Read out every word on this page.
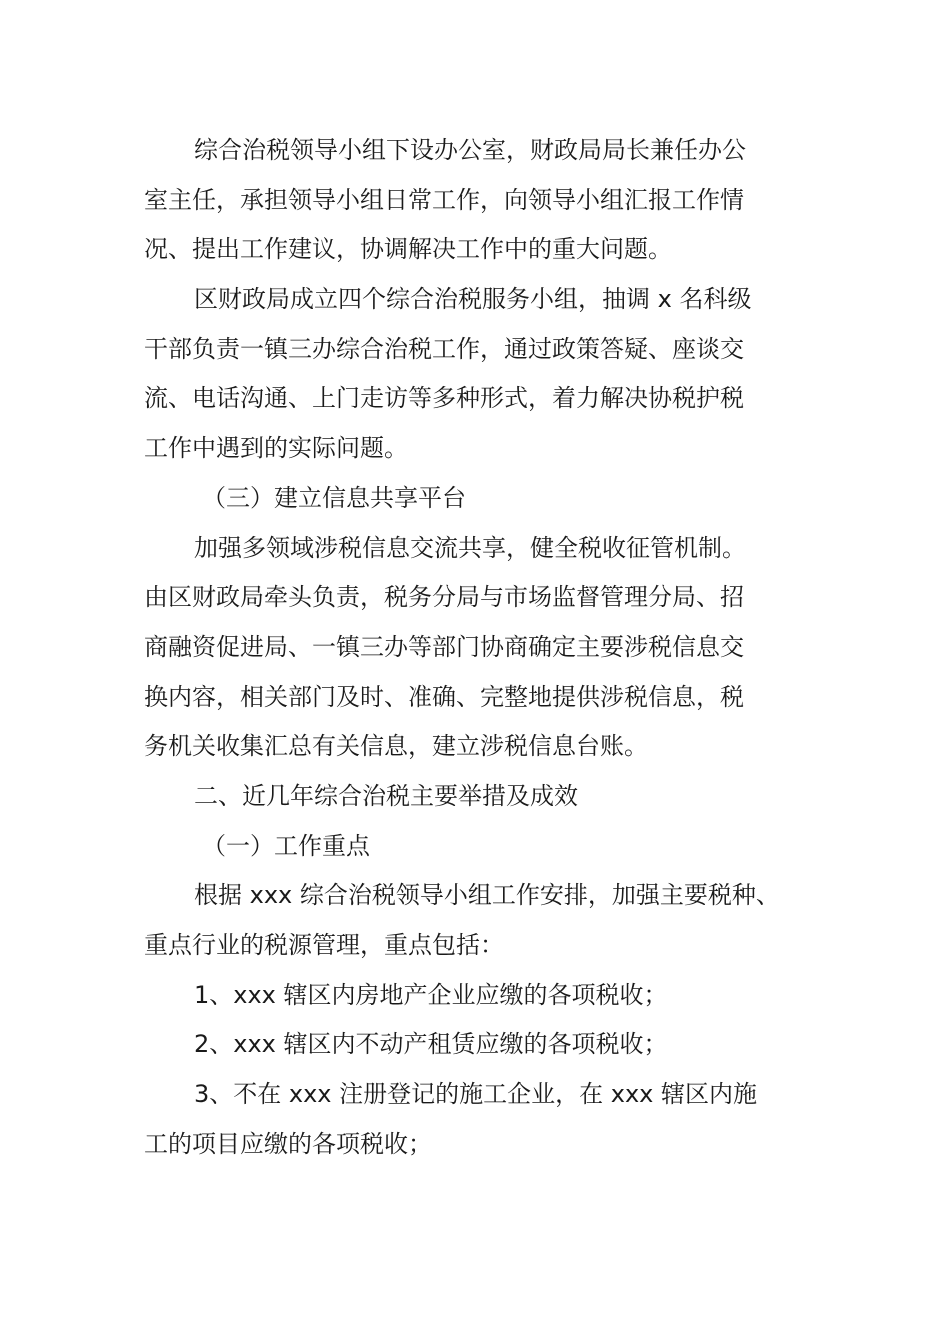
综合治税领导小组下设办公室，财政局局长兼任办公
室主任，承担领导小组日常工作，向领导小组汇报工作情
况、提出工作建议，协调解决工作中的重大问题。
区财政局成立四个综合治税服务小组，抽调 x 名科级
干部负责一镇三办综合治税工作，通过政策答疑、座谈交
流、电话沟通、上门走访等多种形式，着力解决协税护税
工作中遇到的实际问题。
（三）建立信息共享平台
加强多领域涉税信息交流共享，健全税收征管机制。
由区财政局牵头负责，税务分局与市场监督管理分局、招
商融资促进局、一镇三办等部门协商确定主要涉税信息交
换内容，相关部门及时、准确、完整地提供涉税信息，税
务机关收集汇总有关信息，建立涉税信息台账。
二、近几年综合治税主要举措及成效
（一）工作重点
根据 xxx 综合治税领导小组工作安排，加强主要税种、
重点行业的税源管理，重点包括：
1、xxx 辖区内房地产企业应缴的各项税收；
2、xxx 辖区内不动产租赁应缴的各项税收；
3、不在 xxx 注册登记的施工企业，在 xxx 辖区内施
工的项目应缴的各项税收；
